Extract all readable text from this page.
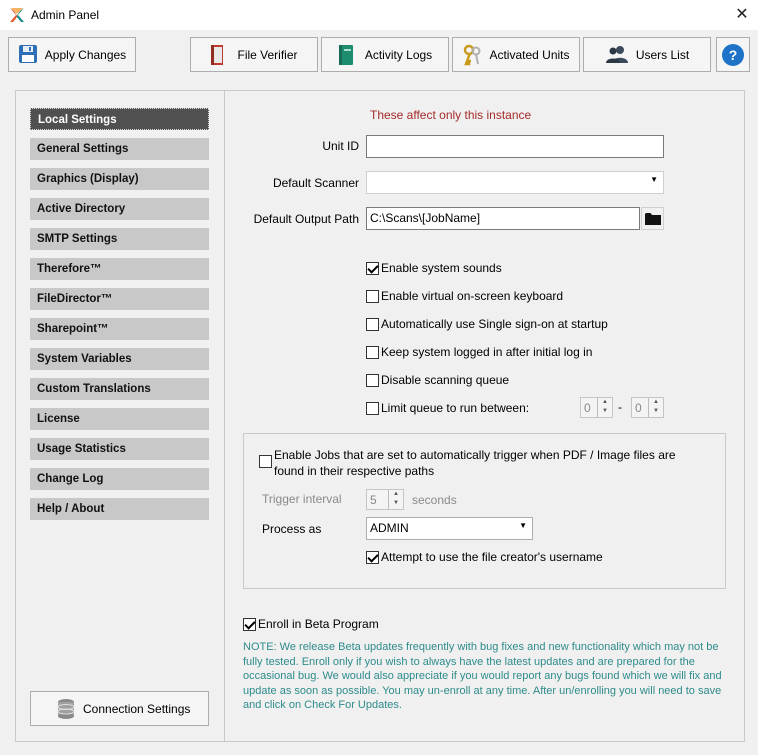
Admin Panel	✕
Apply Changes	File Verifier	Activity Logs	Activated Units	Users List	?
Local Settings
General Settings
Graphics (Display)
Active Directory
SMTP Settings
Therefore™
FileDirector™
Sharepoint™
System Variables
Custom Translations
License
Usage Statistics
Change Log
Help / About
Connection Settings
These affect only this instance
Unit ID
Default Scanner	▼
Default Output Path C:\Scans\[JobName]
Enable system sounds
Enable virtual on-screen keyboard
Automatically use Single sign-on at startup
Keep system logged in after initial log in
Disable scanning queue
Limit queue to run between:	0	▲
▼ - 0	▲
▼
Enable Jobs that are set to automatically trigger when PDF / Image files are
found in their respective paths
Trigger interval 5	▲
▼	seconds
Process as	ADMIN	▼
Attempt to use the file creator's username
Enroll in Beta Program
NOTE: We release Beta updates frequently with bug fixes and new functionality which may not be fully tested. Enroll only if you wish to always have the latest updates and are prepared for the occasional bug. We would also appreciate if you would report any bugs found which we will fix and update as soon as possible. You may un-enroll at any time. After un/enrolling you will need to save and click on Check For Updates.
